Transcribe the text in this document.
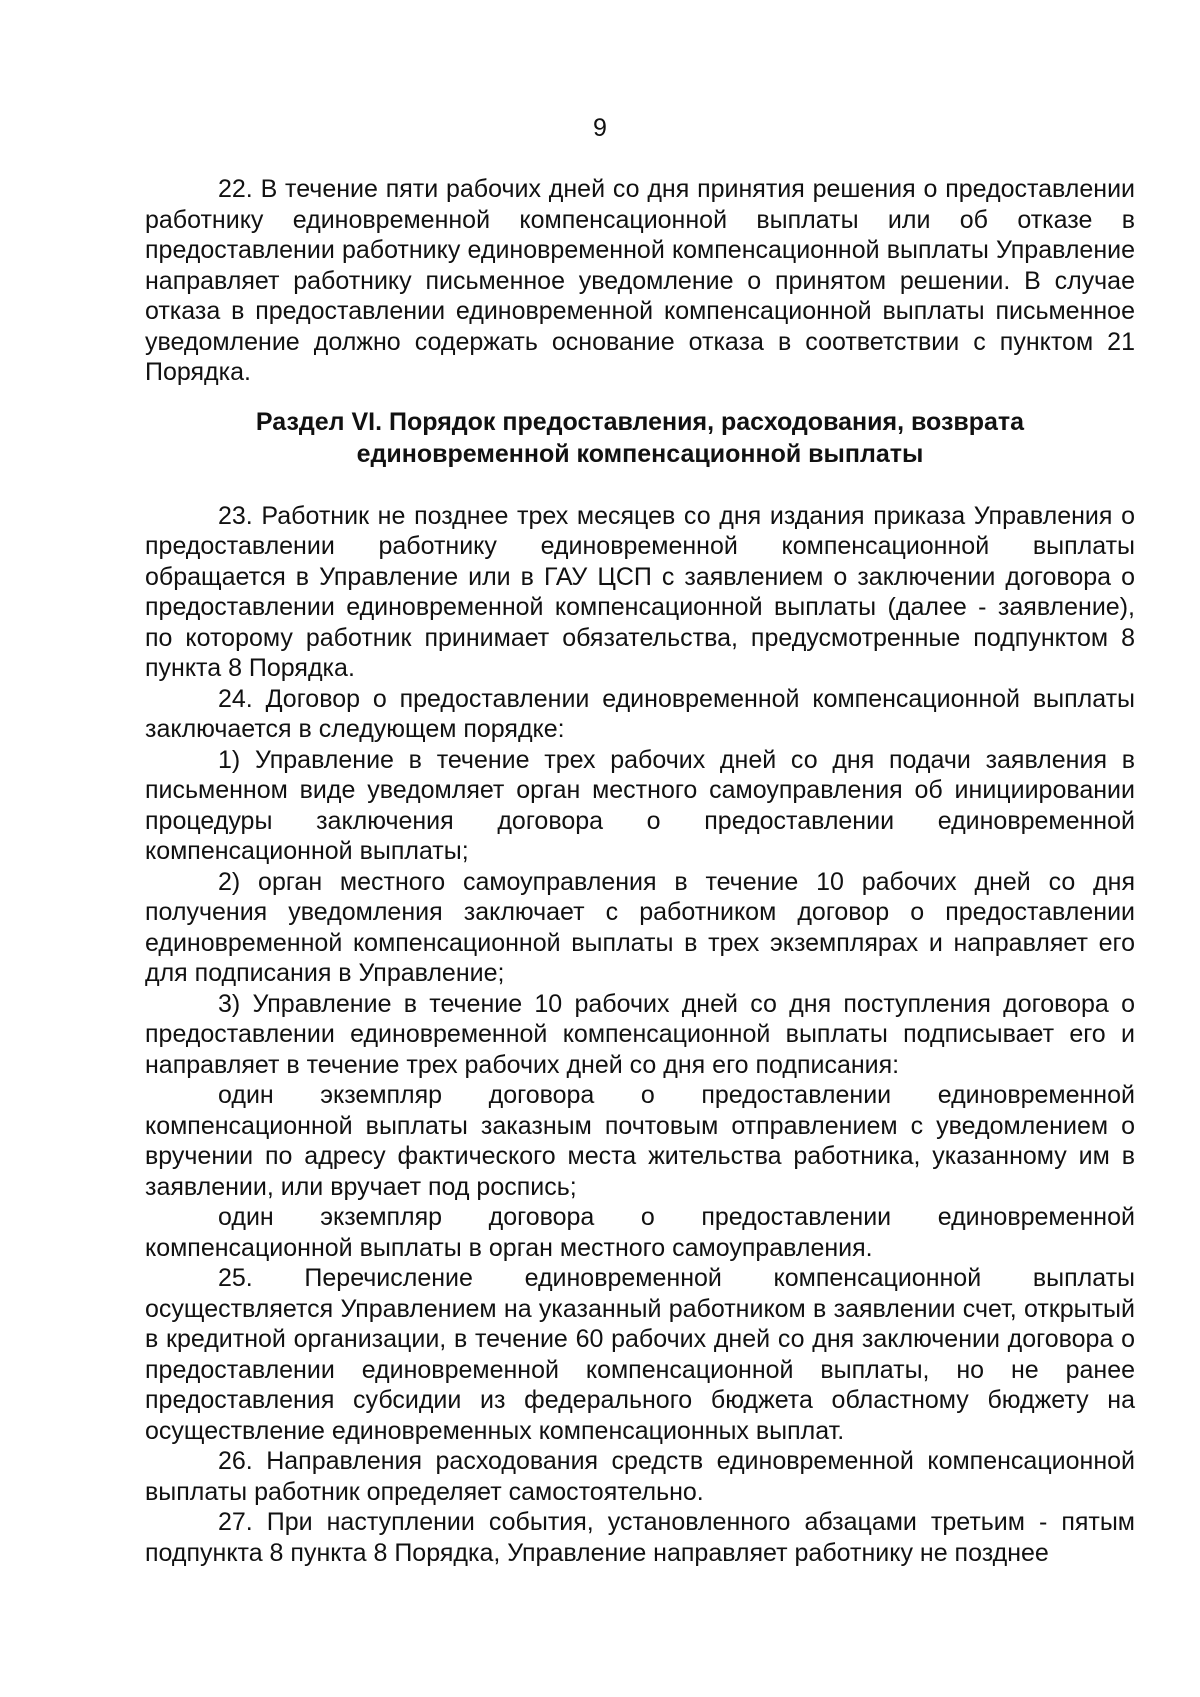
9

22. В течение пяти рабочих дней со дня принятия решения о предоставлении работнику единовременной компенсационной выплаты или об отказе в предоставлении работнику единовременной компенсационной выплаты Управление направляет работнику письменное уведомление о принятом решении. В случае отказа в предоставлении единовременной компенсационной выплаты письменное уведомление должно содержать основание отказа в соответствии с пунктом 21 Порядка.

Раздел VI. Порядок предоставления, расходования, возврата
единовременной компенсационной выплаты

23. Работник не позднее трех месяцев со дня издания приказа Управления о предоставлении работнику единовременной компенсационной выплаты обращается в Управление или в ГАУ ЦСП с заявлением о заключении договора о предоставлении единовременной компенсационной выплаты (далее - заявление), по которому работник принимает обязательства, предусмотренные подпунктом 8 пункта 8 Порядка.

24. Договор о предоставлении единовременной компенсационной выплаты заключается в следующем порядке:

1) Управление в течение трех рабочих дней со дня подачи заявления в письменном виде уведомляет орган местного самоуправления об инициировании процедуры заключения договора о предоставлении единовременной компенсационной выплаты;

2) орган местного самоуправления в течение 10 рабочих дней со дня получения уведомления заключает с работником договор о предоставлении единовременной компенсационной выплаты в трех экземплярах и направляет его для подписания в Управление;

3) Управление в течение 10 рабочих дней со дня поступления договора о предоставлении единовременной компенсационной выплаты подписывает его и направляет в течение трех рабочих дней со дня его подписания:

один экземпляр договора о предоставлении единовременной компенсационной выплаты заказным почтовым отправлением с уведомлением о вручении по адресу фактического места жительства работника, указанному им в заявлении, или вручает под роспись;

один экземпляр договора о предоставлении единовременной компенсационной выплаты в орган местного самоуправления.

25. Перечисление единовременной компенсационной выплаты осуществляется Управлением на указанный работником в заявлении счет, открытый в кредитной организации, в течение 60 рабочих дней со дня заключении договора о предоставлении единовременной компенсационной выплаты, но не ранее предоставления субсидии из федерального бюджета областному бюджету на осуществление единовременных компенсационных выплат.

26. Направления расходования средств единовременной компенсационной выплаты работник определяет самостоятельно.

27. При наступлении события, установленного абзацами третьим - пятым подпункта 8 пункта 8 Порядка, Управление направляет работнику не позднее
